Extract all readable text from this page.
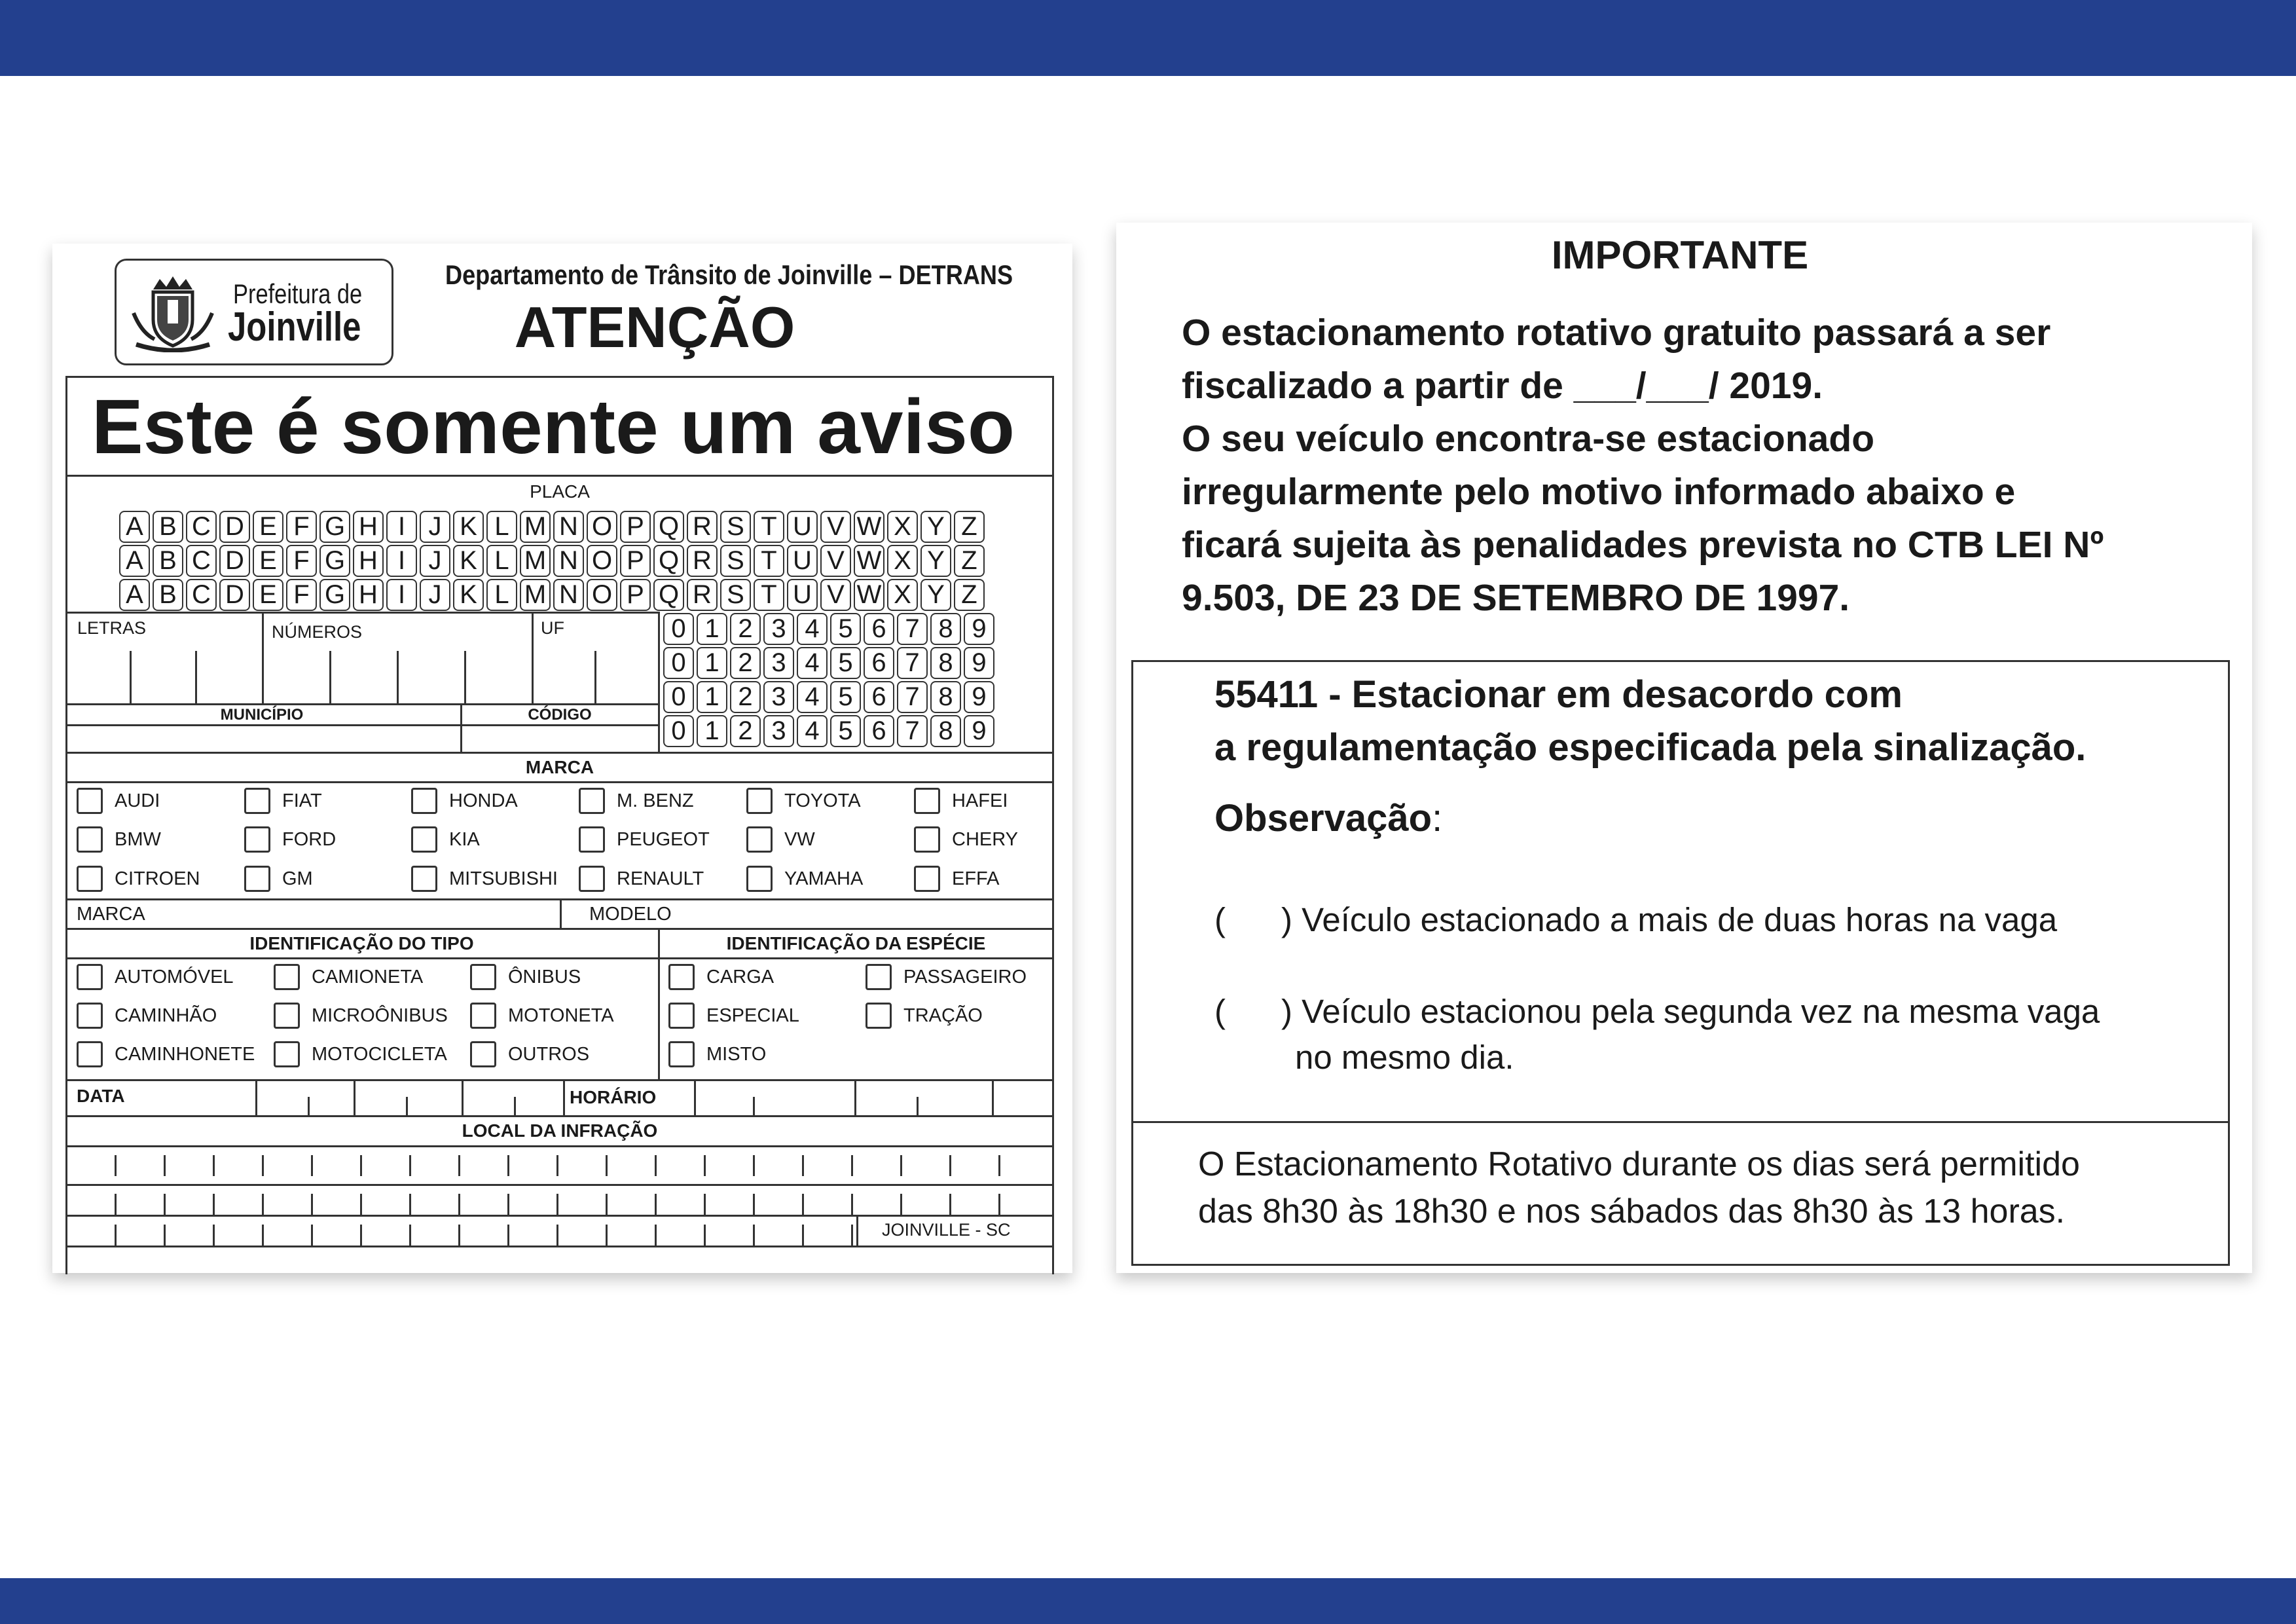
Prefeitura de
Joinville
Departamento de Trânsito de Joinville – DETRANS
ATENÇÃO
Este é somente um aviso
PLACA
A B C D E F G H I J K L M N O P Q R S T U V W X Y Z
A B C D E F G H I J K L M N O P Q R S T U V W X Y Z
A B C D E F G H I J K L M N O P Q R S T U V W X Y Z
LETRAS	NÚMEROS	UF	0 1 2 3 4 5 6 7 8 9
0 1 2 3 4 5 6 7 8 9
0 1 2 3 4 5 6 7 8 9
0 1 2 3 4 5 6 7 8 9
MUNICÍPIO	CÓDIGO
MARCA
AUDI	FIAT	HONDA	M. BENZ	TOYOTA	HAFEI
BMW	FORD	KIA	PEUGEOT	VW	CHERY
CITROEN	GM	MITSUBISHI	RENAULT	YAMAHA	EFFA
MARCA	MODELO
IDENTIFICAÇÃO DO TIPO	IDENTIFICAÇÃO DA ESPÉCIE
AUTOMÓVEL	CAMIONETA	ÔNIBUS
CAMINHÃO	MICROÔNIBUS	MOTONETA
CAMINHONETE	MOTOCICLETA	OUTROS
CARGA	PASSAGEIRO
ESPECIAL	TRAÇÃO
MISTO
DATA	HORÁRIO
LOCAL DA INFRAÇÃO
JOINVILLE - SC
IMPORTANTE
O estacionamento rotativo gratuito passará a ser
fiscalizado a partir de ___/___/ 2019.
O seu veículo encontra-se estacionado
irregularmente pelo motivo informado abaixo e
ficará sujeita às penalidades prevista no CTB LEI Nº
9.503, DE 23 DE SETEMBRO DE 1997.
55411 - Estacionar em desacordo com
a regulamentação especificada pela sinalização.
Observação:
(      ) Veículo estacionado a mais de duas horas na vaga
(      ) Veículo estacionou pela segunda vez na mesma vaga
no mesmo dia.
O Estacionamento Rotativo durante os dias será permitido
das 8h30 às 18h30 e nos sábados das 8h30 às 13 horas.
